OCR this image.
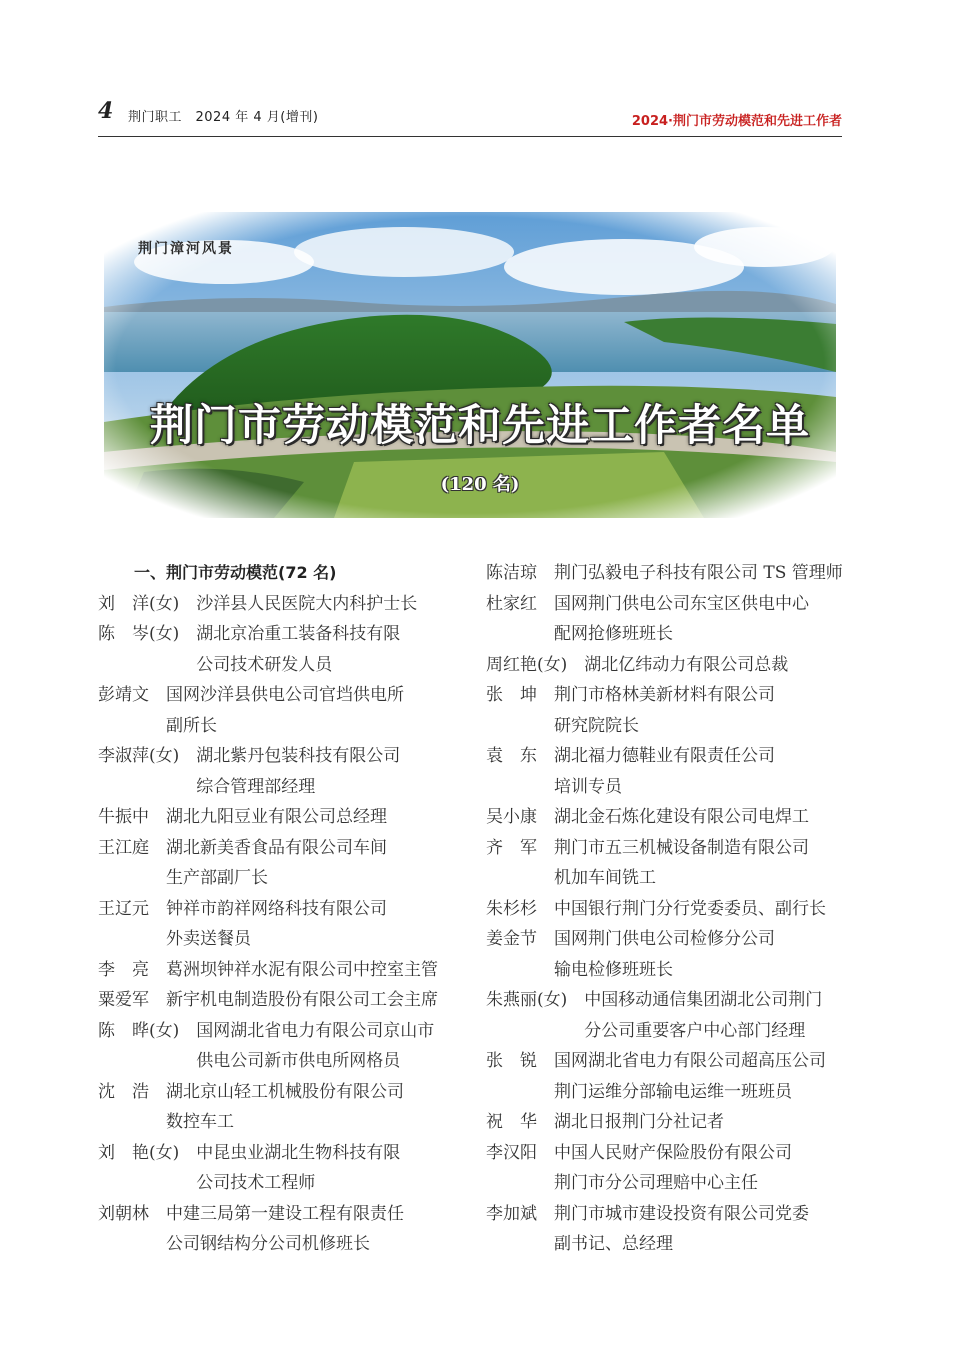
4 荆门职工　2024 年 4 月(增刊)	2024·荆门市劳动模范和先进工作者
荆门漳河风景
荆门市劳动模范和先进工作者名单
(120 名)
一、荆门市劳动模范(72 名)
刘　洋(女)
　 沙洋县人民医院大内科护士长
陈　岑(女)
　 湖北京冶重工装备科技有限
公司技术研发人员
彭靖文
　 国网沙洋县供电公司官垱供电所
副所长
李淑萍(女)
　 湖北紫丹包装科技有限公司
综合管理部经理
牛振中
　 湖北九阳豆业有限公司总经理
王江庭
　 湖北新美香食品有限公司车间
生产部副厂长
王辽元
　 钟祥市韵祥网络科技有限公司
外卖送餐员
李　亮
　 葛洲坝钟祥水泥有限公司中控室主管
粟爱军
　 新宇机电制造股份有限公司工会主席
陈　晔(女)
　 国网湖北省电力有限公司京山市
供电公司新市供电所网格员
沈　浩
　 湖北京山轻工机械股份有限公司
数控车工
刘　艳(女)
　 中昆虫业湖北生物科技有限
公司技术工程师
刘朝林
　 中建三局第一建设工程有限责任
公司钢结构分公司机修班长
陈洁琼
　 荆门弘毅电子科技有限公司 TS 管理师
杜家红
　 国网荆门供电公司东宝区供电中心
配网抢修班班长
周红艳(女)
　 湖北亿纬动力有限公司总裁
张　坤
　 荆门市格林美新材料有限公司
研究院院长
袁　东
　 湖北福力德鞋业有限责任公司
培训专员
吴小康
　 湖北金石炼化建设有限公司电焊工
齐　军
　 荆门市五三机械设备制造有限公司
机加车间铣工
朱杉杉
　 中国银行荆门分行党委委员、副行长
姜金节
　 国网荆门供电公司检修分公司
输电检修班班长
朱燕丽(女)
　 中国移动通信集团湖北公司荆门
分公司重要客户中心部门经理
张　锐
　 国网湖北省电力有限公司超高压公司
荆门运维分部输电运维一班班员
祝　华
　 湖北日报荆门分社记者
李汉阳
　 中国人民财产保险股份有限公司
荆门市分公司理赔中心主任
李加斌
　 荆门市城市建设投资有限公司党委
副书记、总经理
